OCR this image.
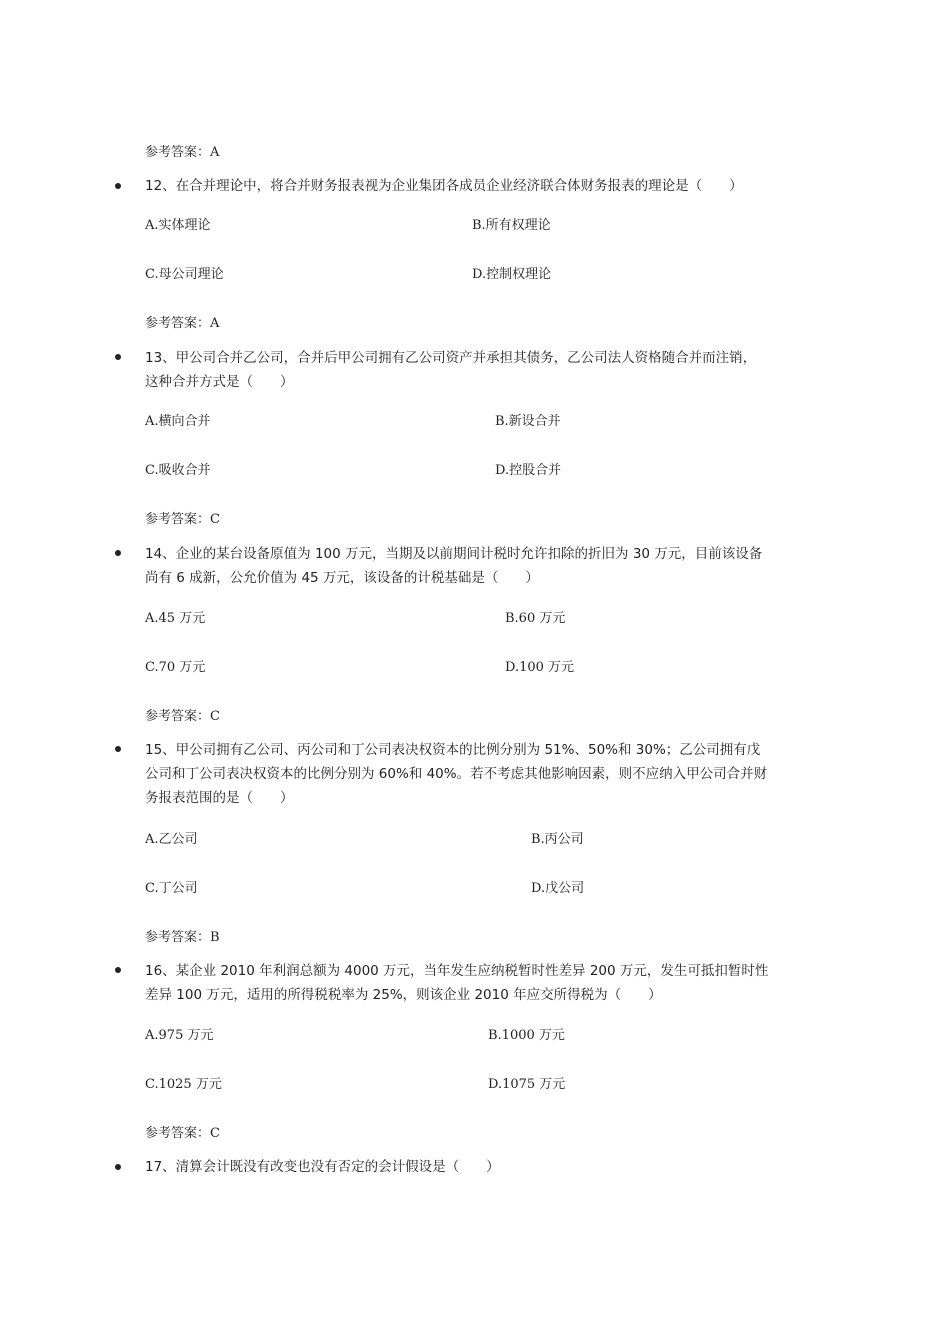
参考答案：A
12、在合并理论中，将合并财务报表视为企业集团各成员企业经济联合体财务报表的理论是（　　）
A.实体理论	B.所有权理论
C.母公司理论	D.控制权理论
参考答案：A
13、甲公司合并乙公司，合并后甲公司拥有乙公司资产并承担其债务，乙公司法人资格随合并而注销，
这种合并方式是（　　）
A.横向合并	B.新设合并
C.吸收合并	D.控股合并
参考答案：C
14、企业的某台设备原值为 100 万元，当期及以前期间计税时允许扣除的折旧为 30 万元，目前该设备
尚有 6 成新，公允价值为 45 万元，该设备的计税基础是（　　）
A.45 万元	B.60 万元
C.70 万元	D.100 万元
参考答案：C
15、甲公司拥有乙公司、丙公司和丁公司表决权资本的比例分别为 51%、50%和 30%；乙公司拥有戊
公司和丁公司表决权资本的比例分别为 60%和 40%。若不考虑其他影响因素，则不应纳入甲公司合并财
务报表范围的是（　　）
A.乙公司	B.丙公司
C.丁公司	D.戊公司
参考答案：B
16、某企业 2010 年利润总额为 4000 万元，当年发生应纳税暂时性差异 200 万元，发生可抵扣暂时性
差异 100 万元，适用的所得税税率为 25%，则该企业 2010 年应交所得税为（　　）
A.975 万元	B.1000 万元
C.1025 万元	D.1075 万元
参考答案：C
17、清算会计既没有改变也没有否定的会计假设是（　　）
